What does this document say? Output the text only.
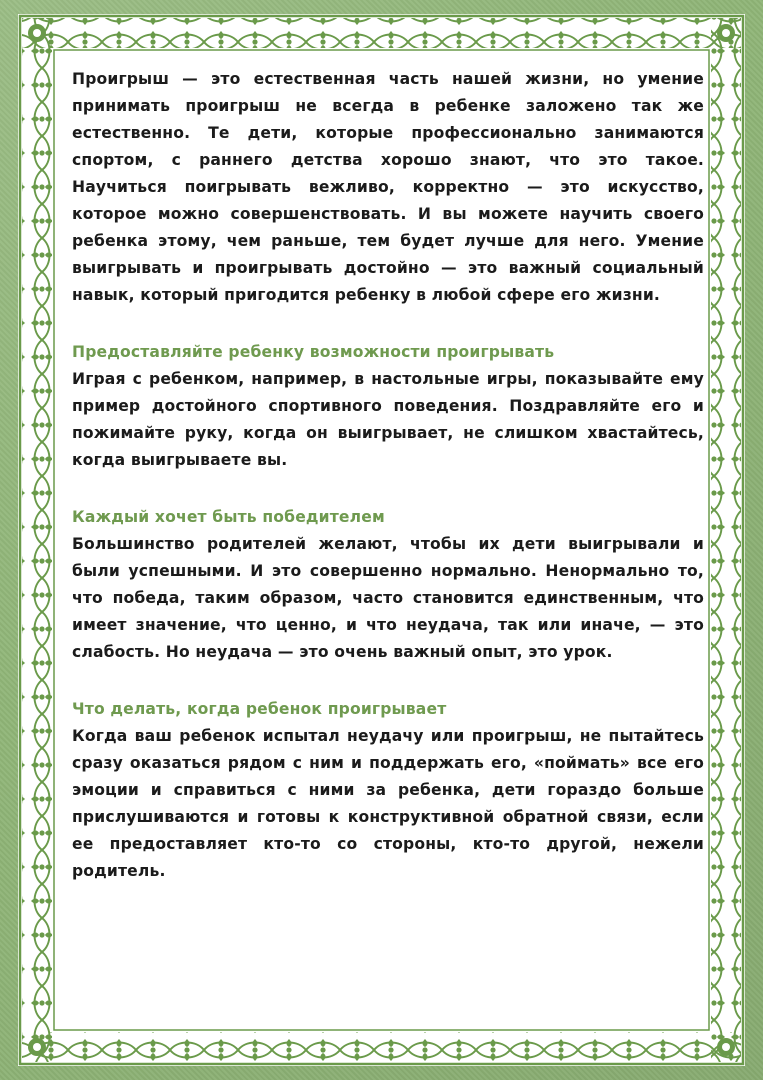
Проигрыш — это естественная часть нашей жизни, но умение принимать проигрыш не всегда в ребенке заложено так же естественно. Те дети, которые профессионально занимаются спортом, с раннего детства хорошо знают, что это такое. Научиться поигрывать вежливо, корректно — это искусство, которое можно совершенствовать. И вы можете научить своего ребенка этому, чем раньше, тем будет лучше для него. Умение выигрывать и проигрывать достойно — это важный социальный навык, который пригодится ребенку в любой сфере его жизни.

Предоставляйте ребенку возможности проигрывать

Играя с ребенком, например, в настольные игры, показывайте ему пример достойного спортивного поведения. Поздравляйте его и пожимайте руку, когда он выигрывает, не слишком хвастайтесь, когда выигрываете вы.

Каждый хочет быть победителем

Большинство родителей желают, чтобы их дети выигрывали и были успешными. И это совершенно нормально. Ненормально то, что победа, таким образом, часто становится единственным, что имеет значение, что ценно, и что неудача, так или иначе, — это слабость. Но неудача — это очень важный опыт, это урок.

Что делать, когда ребенок проигрывает

Когда ваш ребенок испытал неудачу или проигрыш, не пытайтесь сразу оказаться рядом с ним и поддержать его, «поймать» все его эмоции и справиться с ними за ребенка, дети гораздо больше прислушиваются и готовы к конструктивной обратной связи, если ее предоставляет кто-то со стороны, кто-то другой, нежели родитель.
